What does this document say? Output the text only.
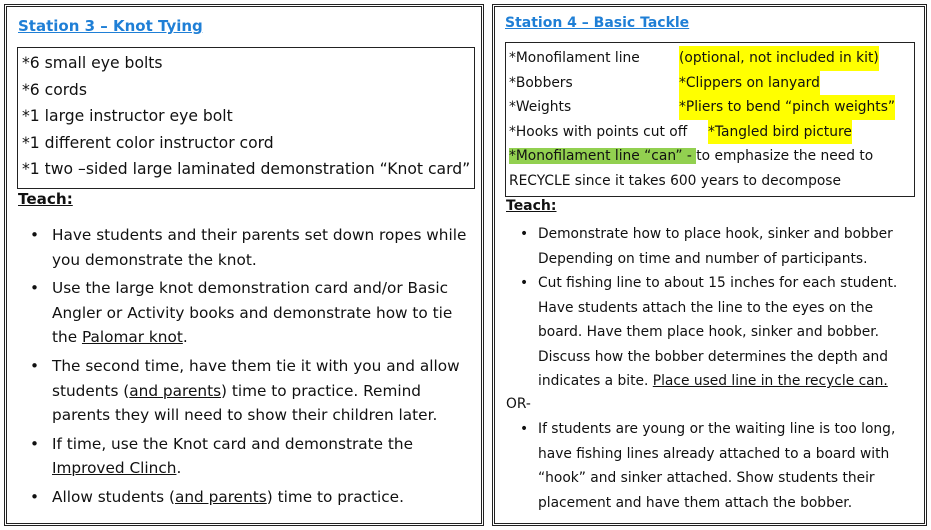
Station 3 – Knot Tying
*6 small eye bolts
*6 cords
*1 large instructor eye bolt
*1 different color instructor cord
*1 two –sided large laminated demonstration “Knot card”
Teach:
• Have students and their parents set down ropes while you demonstrate the knot.
• Use the large knot demonstration card and/or Basic Angler or Activity books and demonstrate how to tie the Palomar knot.
• The second time, have them tie it with you and allow students (and parents) time to practice. Remind parents they will need to show their children later.
• If time, use the Knot card and demonstrate the Improved Clinch.
• Allow students (and parents) time to practice.
Station 4 – Basic Tackle
*Monofilament line	(optional, not included in kit)
*Bobbers	*Clippers on lanyard
*Weights	*Pliers to bend “pinch weights”
*Hooks with points cut off *Tangled bird picture
*Monofilament line “can” - to emphasize the need to
RECYCLE since it takes 600 years to decompose
Teach:
• Demonstrate how to place hook, sinker and bobber Depending on time and number of participants.
• Cut fishing line to about 15 inches for each student. Have students attach the line to the eyes on the board. Have them place hook, sinker and bobber. Discuss how the bobber determines the depth and indicates a bite. Place used line in the recycle can.
OR-
• If students are young or the waiting line is too long, have fishing lines already attached to a board with “hook” and sinker attached. Show students their placement and have them attach the bobber.
